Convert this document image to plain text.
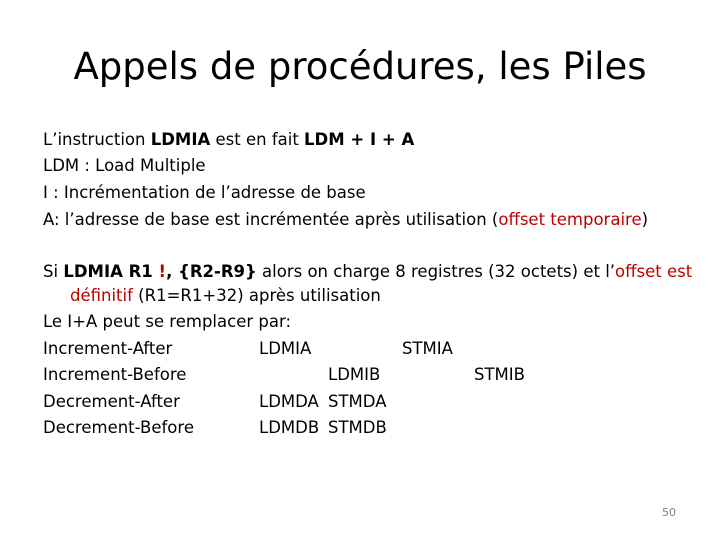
Appels de procédures, les Piles
L’instruction LDMIA est en fait LDM + I + A
LDM : Load Multiple
I : Incrémentation de l’adresse de base
A: l’adresse de base est incrémentée après utilisation (offset temporaire)
Si LDMIA R1 !, {R2-R9} alors on charge 8 registres (32 octets) et l’offset est
définitif (R1=R1+32) après utilisation
Le I+A peut se remplacer par:
Increment-After	LDMIA	STMIA
Increment-Before	LDMIB	STMIB
Decrement-After	LDMDA STMDA
Decrement-Before	LDMDB STMDB
50
